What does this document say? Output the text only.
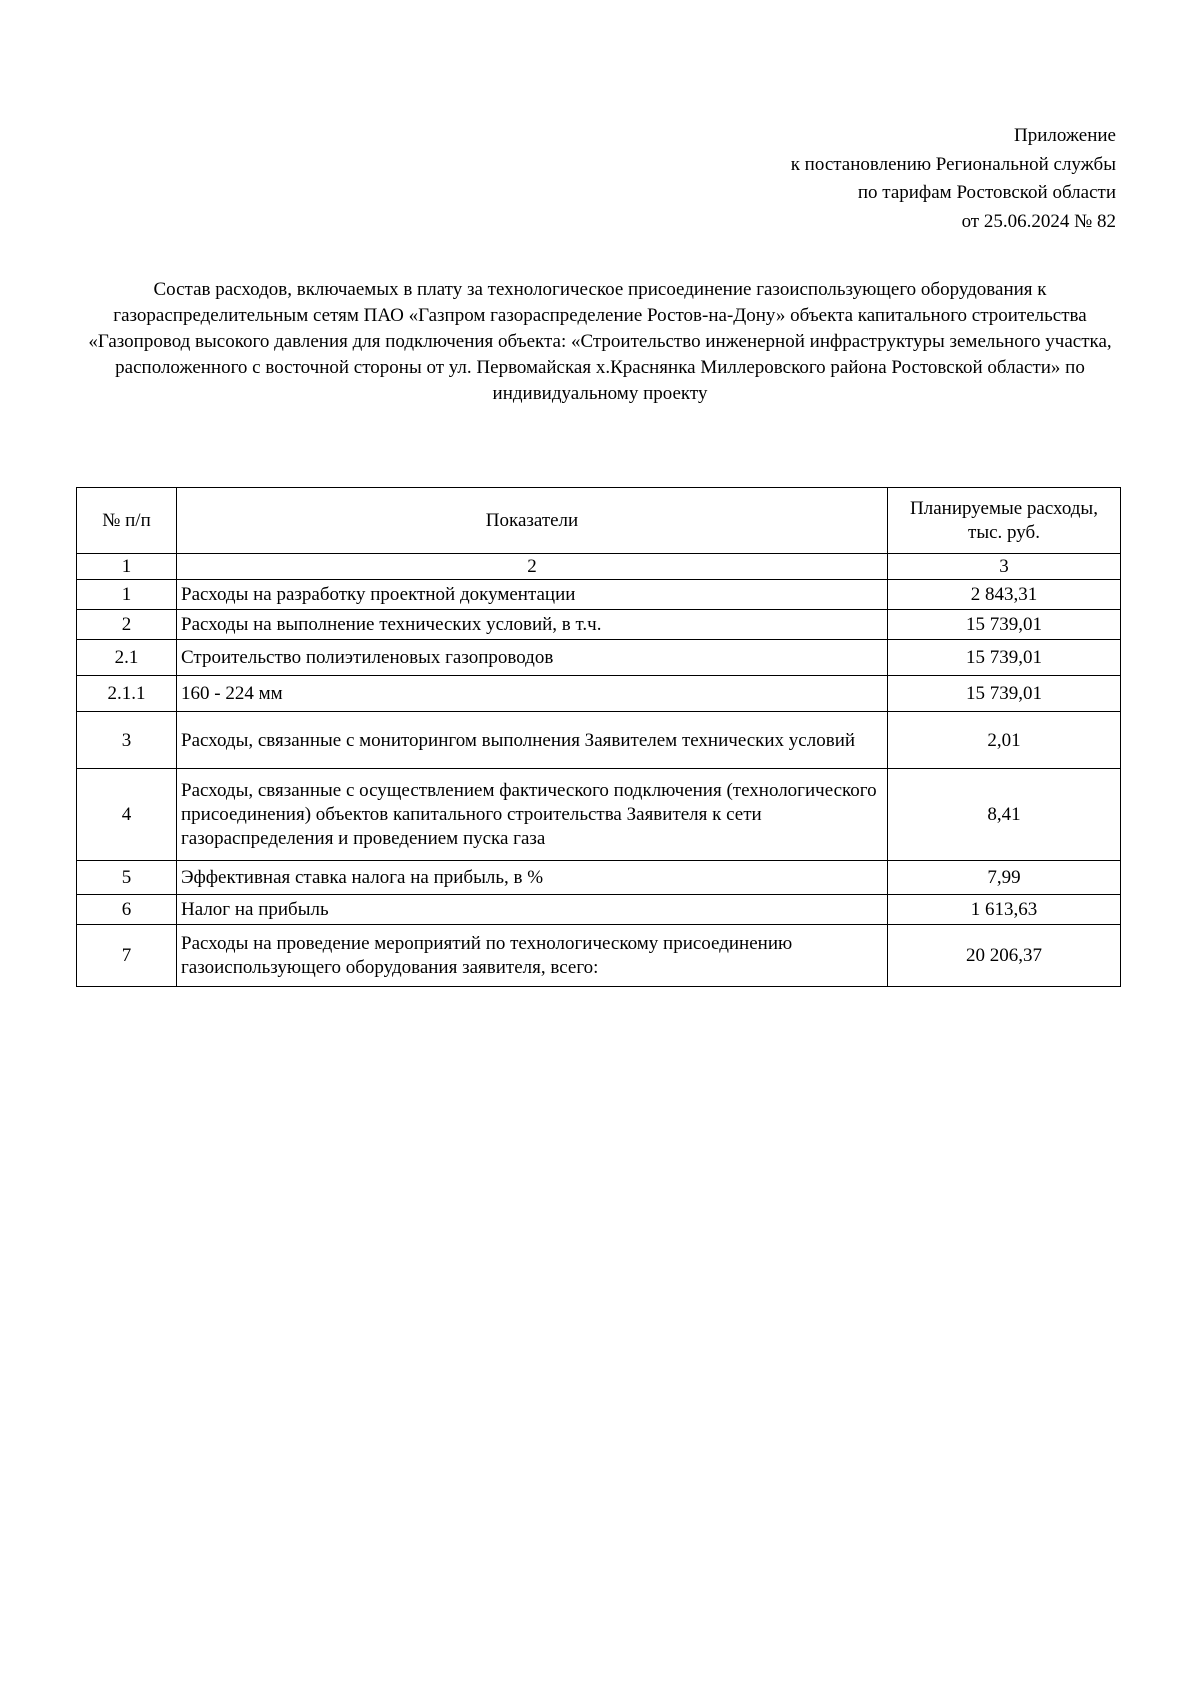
Приложение
к постановлению Региональной службы
по тарифам Ростовской области
от 25.06.2024 № 82
Состав расходов, включаемых в плату за технологическое присоединение газоиспользующего оборудования к газораспределительным сетям ПАО «Газпром газораспределение Ростов-на-Дону» объекта капитального строительства «Газопровод высокого давления для подключения объекта: «Строительство инженерной инфраструктуры земельного участка, расположенного с восточной стороны от ул. Первомайская х.Краснянка Миллеровского района Ростовской области» по индивидуальному проекту
№ п/п	Показатели	Планируемые расходы, тыс. руб.
1	2	3
1	Расходы на разработку проектной документации	2 843,31
2	Расходы на выполнение технических условий, в т.ч.	15 739,01
2.1	Строительство полиэтиленовых газопроводов	15 739,01
2.1.1	160 - 224 мм	15 739,01
3	Расходы, связанные с мониторингом выполнения Заявителем технических условий	2,01
4	Расходы, связанные с осуществлением фактического подключения (технологического присоединения) объектов капитального строительства Заявителя к сети газораспределения и проведением пуска газа	8,41
5	Эффективная ставка налога на прибыль, в %	7,99
6	Налог на прибыль	1 613,63
7	Расходы на проведение мероприятий по технологическому присоединению газоиспользующего оборудования заявителя, всего:	20 206,37
